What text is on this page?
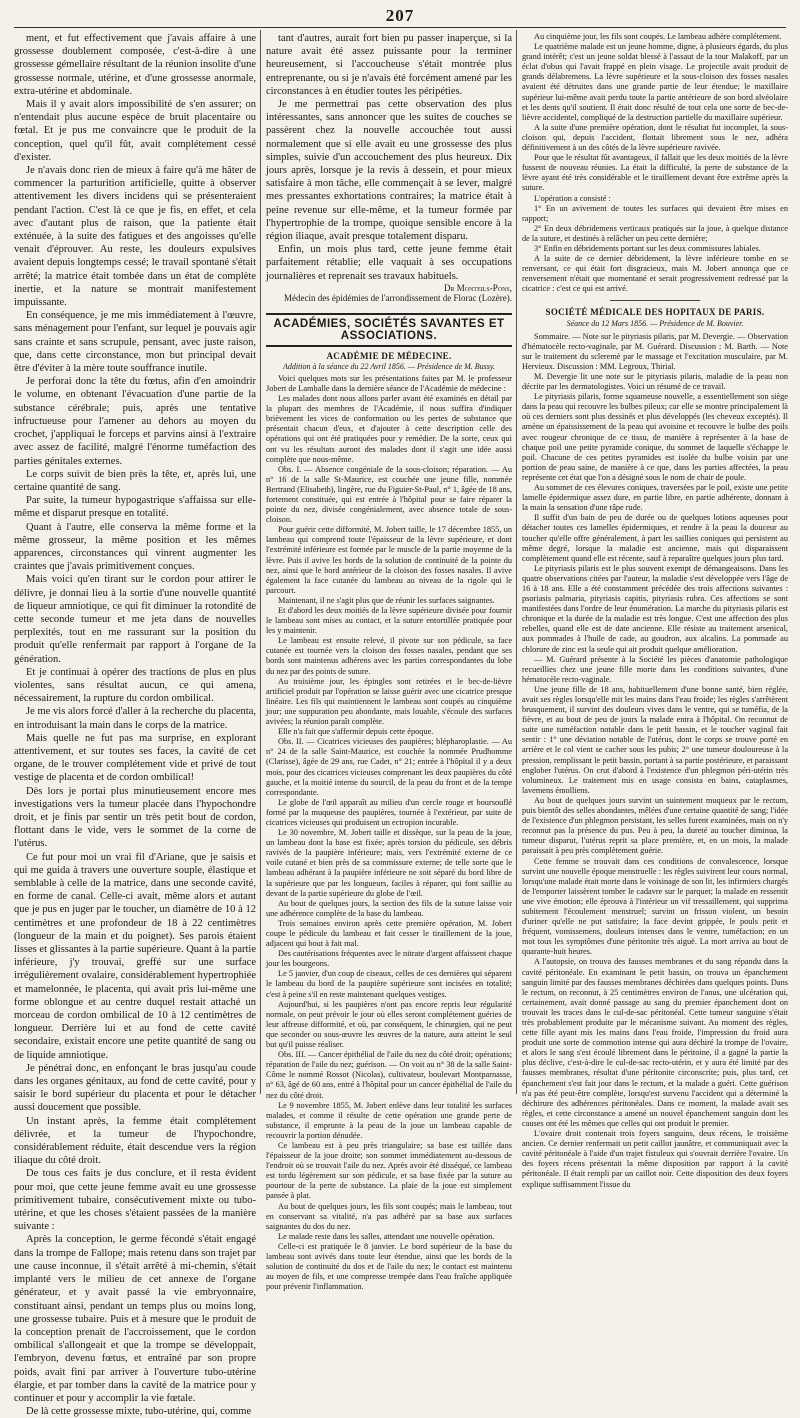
207

ment, et fut effectivement que j'avais affaire à une grossesse doublement composée, c'est-à-dire à une grossesse gémellaire résultant de la réunion insolite d'une grossesse normale, utérine, et d'une grossesse anormale, extra-utérine et abdominale.

Mais il y avait alors impossibilité de s'en assurer; on n'entendait plus aucune espèce de bruit placentaire ou fœtal. Et je pus me convaincre que le produit de la conception, quel qu'il fût, avait complétement cessé d'exister.

Je n'avais donc rien de mieux à faire qu'à me hâter de commencer la parturition artificielle, quitte à observer attentivement les divers incidens qui se présenteraient pendant l'action. C'est là ce que je fis, en effet, et cela avec d'autant plus de raison, que la patiente était exténuée, à la suite des fatigues et des angoisses qu'elle venait d'éprouver. Au reste, les douleurs expulsives avaient depuis longtemps cessé; le travail spontané s'était arrêté; la matrice était tombée dans un état de complète inertie, et la nature se montrait manifestement impuissante.

En conséquence, je me mis immédiatement à l'œuvre, sans ménagement pour l'enfant, sur lequel je pouvais agir sans crainte et sans scrupule, pensant, avec juste raison, que, dans cette circonstance, mon but principal devait être d'éviter à la mère toute souffrance inutile.

Je perforai donc la tête du fœtus, afin d'en amoindrir le volume, en obtenant l'évacuation d'une partie de la substance cérébrale; puis, après une tentative infructueuse pour l'amener au dehors au moyen du crochet, j'appliquai le forceps et parvins ainsi à l'extraire avec assez de facilité, malgré l'énorme tuméfaction des parties génitales externes.

Le corps suivit de bien près la tête, et, après lui, une certaine quantité de sang.

Par suite, la tumeur hypogastrique s'affaissa sur elle-même et disparut presque en totalité.

Quant à l'autre, elle conserva la même forme et la même grosseur, la même position et les mêmes apparences, circonstances qui vinrent augmenter les craintes que j'avais primitivement conçues.

Mais voici qu'en tirant sur le cordon pour attirer le délivre, je donnai lieu à la sortie d'une nouvelle quantité de liqueur amniotique, ce qui fit diminuer la rotondité de cette seconde tumeur et me jeta dans de nouvelles perplexités, tout en me rassurant sur la position du produit qu'elle renfermait par rapport à l'organe de la génération.

Et je continuai à opérer des tractions de plus en plus violentes, sans résultat aucun, ce qui amena, nécessairement, la rupture du cordon ombilical.

Je me vis alors forcé d'aller à la recherche du placenta, en introduisant la main dans le corps de la matrice.

Mais quelle ne fut pas ma surprise, en explorant attentivement, et sur toutes ses faces, la cavité de cet organe, de le trouver complétement vide et privé de tout vestige de placenta et de cordon ombilical!

Dès lors je portai plus minutieusement encore mes investigations vers la tumeur placée dans l'hypochondre droit, et je finis par sentir un très petit bout de cordon, flottant dans le vide, vers le sommet de la corne de l'utérus.

Ce fut pour moi un vrai fil d'Ariane, que je saisis et qui me guida à travers une ouverture souple, élastique et semblable à celle de la matrice, dans une seconde cavité, en forme de canal. Celle-ci avait, même alors et autant que je pus en juger par le toucher, un diamètre de 10 à 12 centimètres et une profondeur de 18 à 22 centimètres (longueur de la main et du poignet). Ses parois étaient lisses et glissantes à la partie supérieure. Quant à la partie inférieure, j'y trouvai, greffé sur une surface irrégulièrement ovalaire, considérablement hypertrophiée et mamelonnée, le placenta, qui avait pris lui-même une forme oblongue et au centre duquel restait attaché un morceau de cordon ombilical de 10 à 12 centimètres de longueur. Derrière lui et au fond de cette cavité secondaire, existait encore une petite quantité de sang ou de liquide amniotique.

Je pénétrai donc, en enfonçant le bras jusqu'au coude dans les organes génitaux, au fond de cette cavité, pour y saisir le bord supérieur du placenta et pour le détacher aussi doucement que possible.

Un instant après, la femme était complétement délivrée, et la tumeur de l'hypochondre, considérablement réduite, était descendue vers la région iliaque du côté droit.

De tous ces faits je dus conclure, et il resta évident pour moi, que cette jeune femme avait eu une grossesse primitivement tubaire, consécutivement mixte ou tubo-utérine, et que les choses s'étaient passées de la manière suivante :

Après la conception, le germe fécondé s'était engagé dans la trompe de Fallope; mais retenu dans son trajet par une cause inconnue, il s'était arrêté à mi-chemin, s'était implanté vers le milieu de cet annexe de l'organe générateur, et y avait passé la vie embryonnaire, constituant ainsi, pendant un temps plus ou moins long, une grossesse tubaire. Puis et à mesure que le produit de la conception prenait de l'accroissement, que le cordon ombilical s'allongeait et que la trompe se développait, l'embryon, devenu fœtus, et entraîné par son propre poids, avait fini par arriver à l'ouverture tubo-utérine élargie, et par tomber dans la cavité de la matrice pour y continuer et pour y accomplir la vie fœtale.

De là cette grossesse mixte, tubo-utérine, qui, comme

tant d'autres, aurait fort bien pu passer inaperçue, si la nature avait été assez puissante pour la terminer heureusement, si l'accoucheuse s'était montrée plus entreprenante, ou si je n'avais été forcément amené par les circonstances à en étudier toutes les péripéties.

Je me permettrai pas cette observation des plus intéressantes, sans annoncer que les suites de couches se passèrent chez la nouvelle accouchée tout aussi normalement que si elle avait eu une grossesse des plus simples, suivie d'un accouchement des plus heureux. Dix jours après, lorsque je la revis à dessein, et pour mieux satisfaire à mon tâche, elle commençait à se lever, malgré mes pressantes exhortations contraires; la matrice était à peine revenue sur elle-même, et la tumeur formée par l'hypertrophie de la trompe, quoique sensible encore à la région iliaque, avait presque totalement disparu.

Enfin, un mois plus tard, cette jeune femme était parfaitement rétablie; elle vaquait à ses occupations journalières et reprenait ses travaux habituels.

Dr Monteils-Pons,
Médecin des épidémies de l'arrondissement de Florac (Lozère).

ACADÉMIES, SOCIÉTÉS SAVANTES ET ASSOCIATIONS.
ACADÉMIE DE MÉDECINE.
Addition à la séance du 22 Avril 1856. — Présidence de M. Bussy.

Voici quelques mots sur les présentations faites par M. le professeur Jobert de Lamballe dans la dernière séance de l'Académie de médecine :

Les malades dont nous allons parler avant été examinés en détail par la plupart des membres de l'Académie, il nous suffira d'indiquer brièvement les vices de conformation ou les pertes de substance que présentait chacun d'eux, et d'ajouter à cette description celle des opérations qui ont été pratiquées pour y remédier. De la sorte, ceux qui ont vu les résultats auront des malades dont il s'agit une idée aussi complète que nous-même.

Obs. I. — Absence congéniale de la sous-cloison; réparation. — Au n° 16 de la salle St-Maurice, est couchée une jeune fille, nommée Bertrand (Elisabeth), lingère, rue du Figuier-St-Paul, n° 1, âgée de 18 ans, fortement constituée, qui est entrée à l'hôpital pour se faire réparer la pointe du nez, divisée congénialement, avec absence totale de sous-cloison.

Pour guérir cette difformité, M. Jobert taille, le 17 décembre 1855, un lambeau qui comprend toute l'épaisseur de la lèvre supérieure, et dont l'extrémité inférieure est formée par le muscle de la partie moyenne de la lèvre. Puis il avive les bords de la solution de continuité de la pointe du nez, ainsi que le bord antérieur de la cloison des fosses nasales. Il avive également la face cutanée du lambeau au niveau de la rigole qui le parcourt.

Maintenant, il ne s'agit plus que de réunir les surfaces saignantes.

Et d'abord les deux moitiés de la lèvre supérieure divisée pour fournir le lambeau sont mises au contact, et la suture entortillée pratiquée pour les y maintenir.

Le lambeau est ensuite relevé, il pivote sur son pédicule, sa face cutanée est tournée vers la cloison des fosses nasales, pendant que ses bords sont maintenus adhérens avec les parties correspondantes du lobe du nez par des points de suture.

Au troisième jour, les épingles sont retirées et le bec-de-lièvre artificiel produit par l'opération se laisse guérir avec une cicatrice presque linéaire. Les fils qui maintiennent le lambeau sont coupés au cinquième jour; une suppuration peu abondante, mais louable, s'écoule des surfaces avivées; la réunion paraît complète.

Elle n'a fait que s'affermir depuis cette époque.

Obs. II. — Cicatrices vicieuses des paupières; blépharoplastie. — Au n° 24 de la salle Saint-Maurice, est couchée la nommée Prudhomme (Clarisse), âgée de 29 ans, rue Cadet, n° 21; entrée à l'hôpital il y a deux mois, pour des cicatrices vicieuses comprenant les deux paupières du côté gauche, et la moitié interne du sourcil, de la peau du front et de la tempe correspondante.

Le globe de l'œil apparaît au milieu d'un cercle rouge et boursouflé formé par la muqueuse des paupières, tournée à l'extérieur, par suite de cicatrices vicieuses qui produisent un ectropion incurable.

Le 30 novembre, M. Jobert taille et dissèque, sur la peau de la joue, un lambeau dont la base est fixée; après torsion du pédicule, ses débris ravivés de la paupière inférieure; mais, vers l'extrémité externe de ce voile cutané et bien près de sa commissure externe; de telle sorte que le lambeau adhérant à la paupière inférieure ne soit séparé du bord libre de la supérieure que par les longueurs, faciles à réparer, qui font saillie au devant de la partie supérieure du globe de l'œil.

Au bout de quelques jours, la section des fils de la suture laisse voir une adhérence complète de la base du lambeau.

Trois semaines environ après cette première opération, M. Jobert coupe le pédicule du lambeau et fait cesser le tiraillement de la joue, adjacent qui bout à fait mal.

Des cautérisations fréquentes avec le nitrate d'argent affaissent chaque jour les bourgeons.

Le 5 janvier, d'un coup de ciseaux, celles de ces dernières qui séparent le lambeau du bord de la paupière supérieure sont incisées en totalité; c'est à peine s'il en reste maintenant quelques vestiges.

Aujourd'hui, si les paupières n'ont pas encore repris leur régularité normale, on peut prévoir le jour où elles seront complétement guéries de leur affreuse difformité, et où, par conséquent, le chirurgien, qui ne peut que seconder ou sous-œuvre les œuvres de la nature, aura atteint le seul but qu'il puisse réaliser.

Obs. III. — Cancer épithélial de l'aile du nez du côté droit; opérations; réparation de l'aile du nez; guérison. — On voit au n° 38 de la salle Saint-Côme le nommé Rossot (Nicolas), cultivateur, boulevart Montparnasse, n° 63, âgé de 60 ans, entré à l'hôpital pour un cancer épithélial de l'aile du nez du côté droit.

Le 9 novembre 1855, M. Jobert enlève dans leur totalité les surfaces malades, et comme il résulte de cette opération une grande perte de substance, il emprunte à la peau de la joue un lambeau capable de recouvrir la portion dénudée.

Ce lambeau est à peu près triangulaire; sa base est taillée dans l'épaisseur de la joue droite; son sommet immédiatement au-dessous de l'endroit où se trouvait l'aile du nez. Après avoir été disséqué, ce lambeau est tordu légèrement sur son pédicule, et sa base fixée par la suture au pourtour de la perte de substance. La plaie de la joue est simplement pansée à plat.

Au bout de quelques jours, les fils sont coupés; mais le lambeau, tout en conservant sa vitalité, n'a pas adhéré par sa base aux surfaces saignantes du dos du nez.

Le malade reste dans les salles, attendant une nouvelle opération.

Celle-ci est pratiquée le 8 janvier. Le bord supérieur de la base du lambeau sont avivés dans toute leur étendue, ainsi que les bords de la solution de continuité du dos et de l'aile du nez; le contact est maintenu au moyen de fils, et une compresse trempée dans l'eau fraîche appliquée pour prévenir l'inflammation.

Au cinquième jour, les fils sont coupés. Le lambeau adhère complétement.

Le quatrième malade est un jeune homme, digne, à plusieurs égards, du plus grand intérêt; c'est un jeune soldat blessé à l'assaut de la tour Malakoff, par un éclat d'obus qui l'avait frappé en plein visage. Le projectile avait produit de grands délabremens. La lèvre supérieure et la sous-cloison des fosses nasales avaient été détruites dans une grande partie de leur étendue; le maxillaire supérieur lui-même avait perdu toute la partie antérieure de son bord alvéolaire et les dents qu'il soutient. Il était donc résulté de tout cela une sorte de bec-de-lièvre accidentel, compliqué de la destruction partielle du maxillaire supérieur.

A la suite d'une première opération, dont le résultat fut incomplet, la sous-cloison qui, depuis l'accident, flottait librement sous le nez, adhéra définitivement à un des côtés de la lèvre supérieure ravivée.

Pour que le résultat fût avantageux, il fallait que les deux moitiés de la lèvre fussent de nouveau réunies. La était la difficulté, la perte de substance de la lèvre ayant été très considérable et le tiraillement devant être extrême après la suture.

L'opération a consisté :

1° En un avivement de toutes les surfaces qui devaient être mises en rapport;

2° En deux débridemens verticaux pratiqués sur la joue, à quelque distance de la suture, et destinés à relâcher un peu cette dernière;

3° Enfin en débridements portant sur les deux commissures labiales.

A la suite de ce dernier débridement, la lèvre inférieure tombe en se renversant, ce qui était fort disgracieux, mais M. Jobert annonça que ce renversement n'était que momentané et serait progressivement redressé par la cicatrice : c'est ce qui est arrivé.

SOCIÉTÉ MÉDICALE DES HOPITAUX DE PARIS.
Séance du 12 Mars 1856. — Présidence de M. Bouvier.

Sommaire. — Note sur le pityriasis pilaris, par M. Devergie. — Observation d'hématocèle recto-vaginale, par M. Guérard. Discussion : M. Barth. — Note sur le traitement du scleremè par le massage et l'excitation musculaire, par M. Hervieux. Discussion : MM. Legroux, Thirial.

M. Devergie lit une note sur le pityriasis pilaris, maladie de la peau non décrite par les dermatologistes. Voici un résumé de ce travail.

Le pityriasis pilaris, forme squameuse nouvelle, a essentiellement son siège dans la peau qui recouvre les bulbes pileux; car elle se montre principalement là où ces derniers sont plus dessinés et plus développés (les cheveux exceptés). Il amène un épaississement de la peau qui avoisine et recouvre le bulbe des poils avec rougeur chronique de ce tissu, de manière à représenter à la base de chaque poil une petite pyramide conique, du sommet de laquelle s'échappe le poil. Chacune de ces petites pyramides est isolée du bulbe voisin par une portion de peau saine, de manière à ce que, dans les parties affectées, la peau représente cet état que l'on a désigné sous le nom de chair de poule.

Au sommet de ces élevures coniques, traversées par le poil, existe une petite lamelle épidermique assez dure, en partie libre, en partie adhérente, donnant à la main la sensation d'une râpe rude.

Il suffit d'un bain de peu de durée ou de quelques lotions aqueuses pour détacher toutes ces lamelles épidermiques, et rendre à la peau la douceur au toucher qu'elle offre généralement, à part les saillies coniques qui persistent au même degré, lorsque la maladie est ancienne, mais qui disparaissent complètement quand elle est récente, sauf à reparaître quelques jours plus tard.

Le pityriasis pilaris est le plus souvent exempt de démangeaisons. Dans les quatre observations citées par l'auteur, la maladie s'est développée vers l'âge de 16 à 18 ans. Elle a été constamment précédée des trois affections suivantes : psoriasis palmaria, pityriasis capitis, pityriasis rubra. Ces affections se sont manifestées dans l'ordre de leur énumération. La marche du pityriasis pilaris est chronique et la durée de la maladie est très longue. C'est une affection des plus rebelles, quand elle est de date ancienne. Elle résiste au traitement arsenical, aux pommades à l'huile de cade, au goudron, aux alcalins. La pommade au chlorure de zinc est la seule qui ait produit quelque amélioration.

— M. Guérard présente à la Société les pièces d'anatomie pathologique recueillies chez une jeune fille morte dans les conditions suivantes, d'une hématocèle recto-vaginale.

Une jeune fille de 18 ans, habituellement d'une bonne santé, bien réglée, avait ses règles lorsqu'elle mit les mains dans l'eau froide; les règles s'arrêtèrent brusquement, il survint des douleurs vives dans le ventre, qui se tuméfia, de la fièvre, et au bout de peu de jours la malade entra à l'hôpital. On reconnut de suite une tuméfaction notable dans le petit bassin, et le toucher vaginal fait sentir : 1° une déviation notable de l'utérus, dont le corps se trouve porté en arrière et le col vient se cacher sous les pubis; 2° une tumeur douloureuse à la pression, remplissant le petit bassin, portant à sa partie postérieure, et paraissant englober l'utérus. On crut d'abord à l'existence d'un phlegmon péri-utérin très volumineux. Le traitement mis en usage consista en bains, cataplasmes, lavemens émolliens.

Au bout de quelques jours survint un suintement muqueux par le rectum, puis bientôt des selles abondantes, mêlées d'une certaine quantité de sang; l'idée de l'existence d'un phlegmon persistant, les selles furent examinées, mais on n'y reconnut pas la présence du pus. Peu à peu, la dureté au toucher diminua, la tumeur disparut, l'utérus reprit sa place première, et, en un mois, la malade paraissait à peu près complètement guérie.

Cette femme se trouvait dans ces conditions de convalescence, lorsque survint une nouvelle époque menstruelle : les règles suivirent leur cours normal, lorsqu'une malade était morte dans le voisinage de son lit, les infirmiers chargés de l'emporter laissèrent tomber le cadavre sur le parquet; la malade en ressentit une vive émotion; elle éprouva à l'intérieur un vif tressaillement, qui supprima subitement l'écoulement menstruel; survint un frisson violent, un besoin d'uriner qu'elle ne put satisfaire; la face devint grippée, le pouls petit et fréquent, vomissemens, douleurs intenses dans le ventre, tuméfaction; en un mot tous les symptômes d'une péritonite très aiguë. La mort arriva au bout de quarante-huit heures.

A l'autopsie, on trouva des fausses membranes et du sang répandu dans la cavité péritonéale. En examinant le petit bassin, on trouva un épanchement sanguin limité par des fausses membranes déchirées dans quelques points. Dans le rectum, on reconnut, à 25 centimètres environ de l'anus, une ulcération qui, certainement, avait donné passage au sang du premier épanchement dont on trouvait les traces dans le cul-de-sac péritonéal. Cette tumeur sanguine s'était très probablement produite par le mécanisme suivant. Au moment des règles, cette fille ayant mis les mains dans l'eau froide, l'impression du froid aura produit une sorte de commotion intense qui aura déchiré la trompe de l'ovaire, et alors le sang s'est écoulé librement dans le péritoine, il a gagné la partie la plus déclive, c'est-à-dire le cul-de-sac recto-utérin, et y aura été limité par des fausses membranes, résultat d'une péritonite circonscrite; puis, plus tard, cet épanchement s'est fait jour dans le rectum, et la malade a guéri. Cette guérison n'a pas été peut-être complète, lorsqu'est survenu l'accident qui a déterminé la déchirure des adhérences péritonéales. Dans ce moment, la malade avait ses règles, et cette circonstance a amené un nouvel épanchement sanguin dont les causes ont été les mêmes que celles qui ont produit le premier.

L'ovaire droit contenait trois foyers sanguins, deux récens, le troisième ancien. Ce dernier renfermait un petit caillot jaunâtre, et communiquait avec la cavité péritonéale à l'aide d'un trajet fistuleux qui s'ouvrait derrière l'ovaire. Un des foyers récens présentait la même disposition par rapport à la cavité péritonéale. Il était rempli par un caillot noir. Cette disposition des deux foyers explique suffisamment l'issue du
